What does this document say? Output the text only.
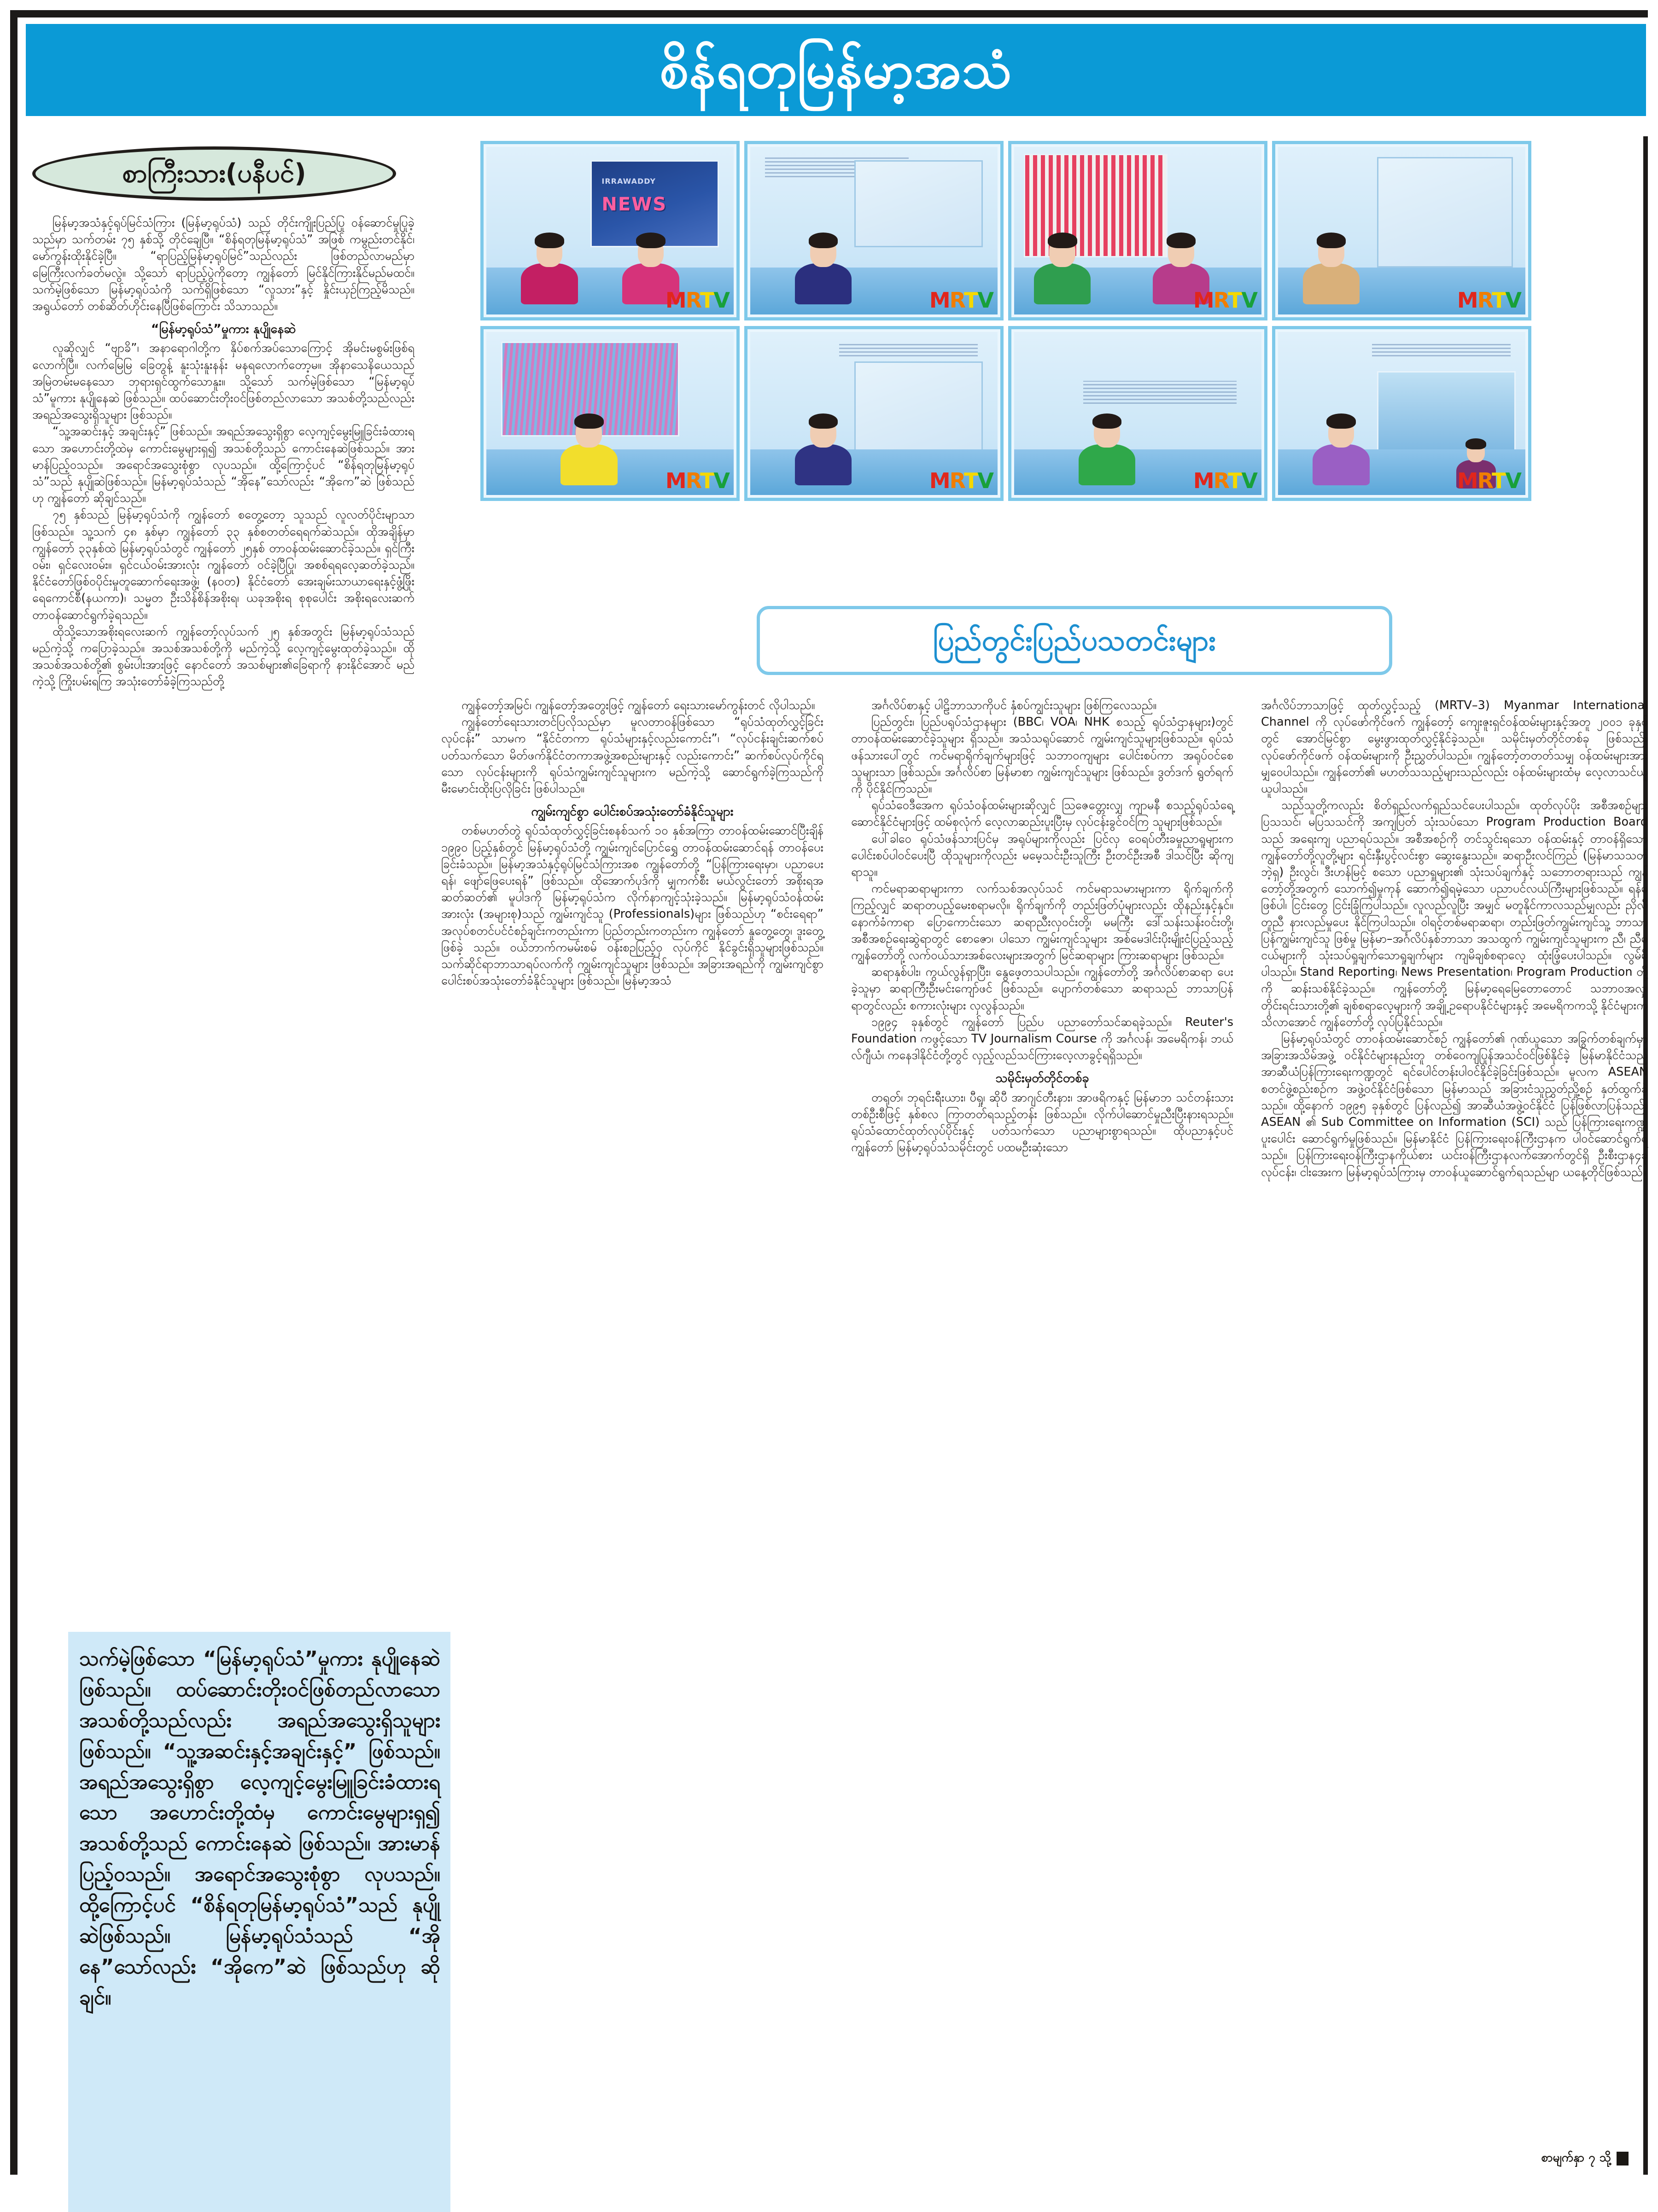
စိန်ရတုမြန်မာ့အသံ
စာကြီးသား(ပနီပင်)	IRRAWADDY
NEWS
MRTV	MRTV	MRTV	MRTV
MRTV	MRTV	MRTV	MRTV
ပြည်တွင်းပြည်ပသတင်းများ

မြန်မာ့အသံနှင့်ရုပ်မြင်သံကြား (မြန်မာ့ရုပ်သံ) သည် တိုင်းကျိုးပြည်ပြု ဝန်ဆောင်မှုပြုခဲ့သည်မှာ သက်တမ်း ၇၅ နှစ်သို့ တိုင်ချေပြီ။ “စိန်ရတုမြန်မာ့ရုပ်သံ” အဖြစ် ကမွည်းတင်နိုင်၊ မော်ကွန်းထိုးနိုင်ခဲ့ပြီ။ “ရာပြည့်မြန်မာ့ရုပ်မြင်”သည်လည်း ဖြစ်တည်လာမည်မှာ မြေကြီးလက်ခတ်မလွဲ။ သို့သော် ရာပြည့်ပွဲကိုတော့ ကျွန်တော် မြင်နိုင်ကြားနိုင်မည်မထင်။ သက်မဲ့ဖြစ်သော မြန်မာ့ရုပ်သံကို သက်ရှိဖြစ်သော “လူသား”နှင့် နှိုင်းယှဉ်ကြည့်မိသည်။ အရွယ်တော် တစ်ဆိတ်ဟိုင်းနေပြီဖြစ်ကြောင်း သိသာသည်။

“မြန်မာ့ရုပ်သံ”မှုကား နုပျိုနေဆဲ

လူဆိုလျှင် “ဗျာခိ”၊ အနာရောဂါတို့က နှိပ်စက်အပ်သောကြောင့် အိုမင်းမစွမ်းဖြစ်ရလောက်ပြီ။ လက်မြေမြ ခြေတွန့် နူးသုံးနူးနန်း မနရလောက်တော့မ။ အိုနာသေနိယေသည် အမြဲတမ်းမနေသော ဘုရားရှင်ထွက်သောနူး။ သို့သော် သက်မဲ့ဖြစ်သော “မြန်မာ့ရုပ်သံ”မူကား နုပျိုနေဆဲ ဖြစ်သည်။ ထပ်ဆောင်းတိုးဝင်ဖြစ်တည်လာသော အသစ်တို့သည်လည်း အရည်အသွေးရှိသူများ ဖြစ်သည်။

“သူ့အဆင်းနှင့် အချင်းနှင့်” ဖြစ်သည်။ အရည်အသွေးရှိစွာ လေ့ကျင့်မွေးမြူခြင်းခံထားရသော အဟောင်းတို့ထဲမှ ကောင်းမွေများရှ၍ အသစ်တို့သည် ကောင်းနေဆဲဖြစ်သည်။ အားမာန်ပြည့်ဝသည်။ အရောင်အသွေးစုံစွာ လုပသည်။ ထို့ကြောင့်ပင် “စိန်ရတုမြန်မာ့ရုပ်သံ”သည် နုပျိုဆဲဖြစ်သည်။ မြန်မာ့ရုပ်သံသည် “အိုနေ”သော်လည်း “အိုကေ”ဆဲ ဖြစ်သည်ဟု ကျွန်တော် ဆိုချင်သည်။

၇၅ နှစ်သည် မြန်မာ့ရုပ်သံကို ကျွန်တော် စတွေ့တော့ သူသည် လူလတ်ပိုင်းမျာသာဖြစ်သည်။ သူ့သက် ၄၈ နှစ်မှာ ကျွန်တော် ၃၃ နှစ်စတတ်ရေရက်ဆဲသည်။ ထိုအချိန်မှာ ကျွန်တော် ၃၃နှစ်ထဲ မြန်မာ့ရုပ်သံတွင် ကျွန်တော် ၂၅နှစ် တာဝန်ထမ်းဆောင်ခဲ့သည်။ ရှင်ကြီးဝမ်း၊ ရှင်လေးဝမ်း။ ရှင်ငယ်ဝမ်းအားလုံး ကျွန်တော် ဝင်ခဲ့ပြီပြု၊ အစစ်ရရလေ့ဆတ်ခဲ့သည်။ နိုင်ငံတော်ဖြစ်ဝပိုင်းမှုတူဆောက်ရေးအဖွဲ့၊ (န၀တ) နိုင်ငံတော် အေးချမ်းသာယာရေးနှင့်ဖွံ့ဖြိုးရေကောင်စီ(နယကာ)၊ သမ္မတ ဦးသိန်စိန်အစိုးရ၊ ယခုအစိုးရ စုစုပေါင်း အစိုးရလေးဆက် တာဝန်ဆောင်ရွက်ခဲ့ရသည်။

ထိုသို့သောအစိုးရလေးဆက် ကျွန်တော့်လုပ်သက် ၂၅ နှစ်အတွင်း မြန်မာ့ရုပ်သံသည် မည်ကဲ့သို့ ကပြောခဲ့သည်။ အသစ်အသစ်တို့ကို မည်ကဲ့သို့ လေ့ကျင့်မွေးထုတ်ခဲ့သည်။ ထိုအသစ်အသစ်တို့၏ စွမ်းပါးအားဖြင့် နောင်တော် အသစ်များ၏ခြေရာကို နားနိုင်အောင် မည်ကဲ့သို့ ကြိုးပမ်းရကြ အသုံးတော်ခံခဲ့ကြသည်တို့

ကျွန်တော့်အမြင်၊ ကျွန်တော့်အတွေးဖြင့် ကျွန်တော် ရေးသားမော်ကွန်းတင် လိုပါသည်။

ကျွန်တော်ရေးသားတင်ပြလိုသည်မှာ မူလတာဝန်ဖြစ်သော “ရုပ်သံထုတ်လွှင့်ခြင်းလုပ်ငန်း” သာမက “နိုင်ငံတကာ ရုပ်သံများနှင့်လည်းကောင်း”၊ “လုပ်ငန်းချင်းဆက်စပ် ပတ်သက်သော မိတ်ဖက်နိုင်ငံတကာအဖွဲ့အစည်းများနှင့် လည်းကောင်း” ဆက်စပ်လုပ်ကိုင်ရသော လုပ်ငန်းများကို ရုပ်သံကျွမ်းကျင်သူများက မည်ကဲ့သို့ ဆောင်ရွက်ခဲ့ကြသည်ကို မီးမောင်းထိုးပြလိုခြင်း ဖြစ်ပါသည်။

ကျွမ်းကျင်စွာ ပေါင်းစပ်အသုံးတော်ခံနိုင်သူများ

တစ်မဟတ်တွဲ ရုပ်သံထုတ်လွှင့်ခြင်းစနစ်သက် ၁၀ နှစ်အကြာ တာဝန်ထမ်းဆောင်ပြီးချိန် ၁၉၉၀ ပြည့်နှစ်တွင် မြန်မာ့ရုပ်သံတို့ ကျွမ်းကျင်ပြောင်ရွှေ တာဝန်ထမ်းဆောင်ရန် တာဝန်ပေးခြင်းခံသည်။ မြန်မာ့အသံနှင့်ရုပ်မြင်သံကြားအစ ကျွန်တော်တို့ “ပြန်ကြားရေးမှာ၊ ပညာပေးရန်၊ ဖျော်ဖြေပေးရန်” ဖြစ်သည်။ ထိုအောက်ပုဒ်ကို မျှကက်စီး မယ်လွင်းတော် အစိုးရအဆတ်ဆတ်၏ မူပါဒကို မြန်မာ့ရုပ်သံက လိုက်နာကျင့်သုံးခဲ့သည်။ မြန်မာ့ရုပ်သံဝန်ထမ်းအားလုံး (အများစု)သည် ကျွမ်းကျင်သူ (Professionals)များ ဖြစ်သည်ဟု “စင်းရေရာ” အလုပ်စတင်ပင်ငံစဉ်ချင်းကတည်းကာ ပြည်တည်းကတည်းက ကျွန်တော် နှုတွေ့တွေ၊ ဒူးတွေ့ဖြစ်ခဲ့ သည်။ ဝယ်ဘာက်ကမမ်းစမ် ဝန်းစဉပြည့်ဝှ လုပ်ကိုင် နိုင်ခွင်းရှိသူများဖြစ်သည်။ သက်ဆိုင်ရာဘာသာရပ်လက်ကို ကျွမ်းကျင်သူများ ဖြစ်သည်။ အခြားအရည်ကို ကျွမ်းကျင်စွာပေါင်းစပ်အသုံးတော်ခံနိုင်သူများ ဖြစ်သည်။ မြန်မာ့အသံ

အင်္ဂလိပ်စာနှင့် ပါဠိဘာသာကိုပင် နှံစပ်ကျွင်းသူများ ဖြစ်ကြလေသည်။

ပြည်တွင်း၊ ပြည်ပရုပ်သံဌာနများ (BBC၊ VOA၊ NHK စသည့် ရုပ်သံဌာနများ)တွင် တာဝန်ထမ်းဆောင်ခဲ့သူများ ရှိသည်။ အသံသရုပ်ဆောင် ကျွမ်းကျင်သူများဖြစ်သည်။ ရုပ်သံဖန်သားပေါ်တွင် ကင်မရာရိုက်ချက်များဖြင့် သဘာဝကျများ ပေါင်းစပ်ကာ အရုပ်ဝင်စေသူများသာ ဖြစ်သည်။ အင်္ဂလိပ်စာ မြန်မာစာ ကျွမ်းကျင်သူများ ဖြစ်သည်။ ဒွတ်ဒက် ရွတ်ရက်ကို ပိုင်နိုင်ကြသည်။

ရုပ်သံဝေဒီအေက ရုပ်သံဝန်ထမ်းများဆိုလျှင် သြဇေတ္တေးလျှ ကျာမနီ စသည့်ရုပ်သံရေ့ဆောင်နိုင်ငံများဖြင့် ထမ်စုလုံက် လေ့လာဆည်းပူးပြီးမှ လုပ်ငန်းခွင်ဝင်ကြ သူများဖြစ်သည်။

ပေါ်ခါဝေ ရုပ်သံဖန်သားပြင်မှ အရုပ်များကိုလည်း ပြင်လှ ဝေရပ်တီးခမှုညာရူများက ပေါင်းစပ်ပါဝင်ပေးပြီ ထိုသူများကိုလည်း မမေ့သင်းဦးသူကြီး ဦးတင်ဦးအစီ ဒါသင်ပြီး ဆိုကျရာသူ။

ကင်မရာဆရာများကာ လက်သစ်အလုပ်သင် ကင်မရာသမားများကာ ရိုက်ချက်ကို ကြည့်လျှင် ဆရာတပည့်မေးစရာမလို။ ရိုက်ချက်ကို တည်းဖြတ်ပုံများလည်း ထိုနည်းနှင့်နှင်။ နောက်ခံကာရာ ပြောကောင်းသော ဆရာညီးလှဝင်းတို့၊ မမကြီး ဒေါ်သန်းသန်းဝင်းတို့၊ အစီအစဉ်ရေးဆွဲရာတွင် စောဇော၊ ပါသော ကျွမ်းကျင်သူများ အစ်မေဒါင်းပိုးမျိုးငံပြည့်သည့် ကျွန်တော်တို့ လက်ဝယ်သားအစ်လေးများအတွက် မြင်ဆရာများ ကြားဆရာများ ဖြစ်သည်။

ဆရာနှစ်ပါး၊ ကွယ်လွန်ရှာပြီး၊ နွေဖေ့တသပါသည်။ ကျွန်တော်တို့ အင်္ဂလိပ်စာဆရာ ပေးခဲ့သူမှာ ဆရာကြီးဦးမင်းကျော်ဖင် ဖြစ်သည်။ ပျောက်တစ်သော ဆရာသည် ဘာသာပြန်ရာတွင်လည်း စကားလုံးများ လှလွန်သည်။

၁၉၉၄ ခုနှစ်တွင် ကျွန်တော် ပြည်ပ ပညာတော်သင်ဆရခဲ့သည်။ Reuter's Foundation ကဖွင့်သော TV Journalism Course ကို အင်္ဂလန်၊ အမေရိကန်၊ ဘယ်လ်ဂျီယံ၊ ကနေဒါနိုင်ငံတို့တွင် လှည့်လည်သင်ကြားလေ့လာခွင့်ရရှိသည်။

သမိုင်းမှတ်တိုင်တစ်ခု

တရုတ်၊ ဘုရင်းရီးယား၊ ပီရှု၊ ဆိုပီ အာဂျင်တီးနား၊ အာဖရိကနှင့် မြန်မာဘ သင်တန်းသားတစ်ဦးစီဖြင့် နှစ်စလ ကြာတတ်ရသည့်တန်း ဖြစ်သည်။ လိုက်ပါဆောင်မှုညီးပြီးနားရသည်။ ရုပ်သံထောင်ထုတ်လုပ်ပိုင်းနှင့် ပတ်သက်သော ပညာများစွာရသည်။ ထိုပညာနှင့်ပင် ကျွန်တော် မြန်မာ့ရုပ်သံသမိုင်းတွင် ပထမဦးဆုံးသော

အင်္ဂလိပ်ဘာသာဖြင့် ထုတ်လွှင့်သည့် (MRTV–3) Myanmar International Channel ကို လုပ်ဖော်ကိုင်ဖက် ကျွန်တော့် ကျေးဇူးရှင်ဝန်ထမ်းများနှင့်အတူ ၂၀၀၁ ခုနှစ်တွင် အောင်မြင်စွာ မွေးဖွားထုတ်လွှင့်နိုင်ခဲ့သည်။ သမိုင်းမှတ်တိုင်တစ်ခု ဖြစ်သည်။ လုပ်ဖော်ကိုင်ဖက် ဝန်ထမ်းများကို ဦးညွှတ်ပါသည်။ ကျွန်တော့်တတတ်သမျှ ဝန်ထမ်းများအား မျှဝေပါသည်။ ကျွန်တော်၏ မဟတ်သသည့်များသည်လည်း ဝန်ထမ်းများထံမှ လေ့လာသင်ယူယူပါသည်။

သည်သူတို့ကလည်း စိတ်ရှည်လက်ရှည်သင်ပေးပါသည်။ ထုတ်လုပ်ပိုး အစီအစဉ်များပြသသင်၊ မပြသသင်ကို အကျပြတ် သုံးသပ်သော Program Production Board သည် အရေးကျ ပညာရပ်သည်။ အစီအစဉ်ကို တင်သွင်းရသော ဝန်ထမ်းနှင့် တာဝန်ရှိသော ကျွန်တော်တို့လူတို့များ ရင်းနှီးပွင့်လင်းစွာ ဆွေးနွေးသည်။ ဆရာဦးလင်ကြည် (မြန်မာသသတ်ဘဲ့ရှ) ဦးလွင်၊ ဒီးဟန်မြင့် စသော ပညာရှူများ၏ သုံးသပ်ချက်နှင့် သဘောတရားသည် ကျွန်တော့်တို့အတွက် သောက်၍မှုကုန် ဆောက်၍ရမဲ့သော ပညာပင်လယ်ကြီးများဖြစ်သည်။ ရန်မဖြစ်ပါ၊ ငြင်းတွေ ငြင်းခြုံကြပါသည်။ လူလည်လူပြီး အမျှင် မတူနိုင်ကာလသည်မျှလည်း ညှိလိုတူညီ နားလည်မှုပေး နိုင်ကြပါသည်။ ဝါရင့်တစ်မရာဆရာ၊ တည်းဖြတ်ကျွမ်းကျင်သူ့ ဘာသာပြန်ကျွမ်းကျင်သူ ဖြစ်မှု မြန်မာ–အင်္ဂလိပ်နှစ်ဘာသာ အသထွက် ကျွမ်းကျင်သူများက ညီ၊ ညီမငယ်များကို သုံးသပ်ရှုချက်သောရှုချက်များ ကျမိချစ်စရာလေ့ ထုံးဖြံ့ပေးပါသည်။ လွမ်မိပါသည်။ Stand Reporting၊ News Presentation၊ Program Production တို့ကို ဆန်းသစ်နိုင်ခဲ့သည်။ ကျွန်တော်တို့ မြန်မာ့ရေမြေတောတောင် သဘာဝအလှ၊ တိုင်းရင်းသားတို့၏ ချစ်စရာလေ့များကို အချို့ဥရောပနိုင်ငံများနှင့် အမေရိကကသို့ နိုင်ငံများက သိလာအောင် ကျွန်တော်တို့ လုပ်ပြနိုင်သည်။

မြန်မာ့ရုပ်သံတွင် တာဝန်ထမ်းဆောင်စဉ် ကျွန်တော်၏ ဂုဏ်ယူသော အခြွက်တစ်ချက်မှာ အခြားအသိမ်အဖွဲ့ ဝင်နိုင်ငံများနည်းတူ တစ်ဝေကျပြုန်အသင်ဝင်ဖြစ်နိုင်ခဲ့ မြန်မာနိုင်ငံသည် အာဆီယံပြန်ကြားရေးကဏ္ဍတွင် ရင်ပေါင်တန်းပါဝင်နိုင်ခဲ့ခြင်းဖြစ်သည်။ မူလက ASEAN စတင်ဖွဲ့စည်းစဉ်က အဖွဲ့ဝင်နိုင်ငံဖြစ်သော မြန်မာသည် အခြားငံသူညွှတ်ညှို့စဉ် နှတ်ထွက်ခဲ့သည်။ ထို့နောက် ၁၉၉၅ ခုနှစ်တွင် ပြန်လည်၍ အာဆီယံအဖွဲ့ဝင်နိုင်ငံ ပြန်ဖြစ်လာပြန်သည်။ ASEAN ၏ Sub Committee on Information (SCI) သည် ပြန်ကြားရေးကဏ္ဍ ပူးပေါင်း ဆောင်ရွက်မှုဖြစ်သည်။ မြန်မာနိုင်ငံ ပြန်ကြားရေးဝန်ကြီးဌာနက ပါဝင်ဆောင်ရွက်ရသည်။ ပြန်ကြားရေးဝန်ကြီးဌာနကိုယ်စား ယင်းဝန်ကြီးဌာနလက်အောက်တွင်ရှိ ဦးစီးဌာန၄ခု လုပ်ငန်း၊ ငါးအေးက မြန်မာ့ရုပ်သံကြားမှ တာဝန်ယူဆောင်ရွက်ရသည်မျာ ယနေ့တိုင်ဖြစ်သည်။

သက်မဲ့ဖြစ်သော “မြန်မာ့ရုပ်သံ”မှုကား နုပျိုနေဆဲ ဖြစ်သည်။ ထပ်ဆောင်းတိုးဝင်ဖြစ်တည်လာသော အသစ်တို့သည်လည်း အရည်အသွေးရှိသူများ ဖြစ်သည်။ “သူ့အဆင်းနှင့်အချင်းနှင့်” ဖြစ်သည်။ အရည်အသွေးရှိစွာ လေ့ကျင့်မွေးမြူခြင်းခံထားရသော အဟောင်းတို့ထံမှ ကောင်းမွေများရှ၍ အသစ်တို့သည် ကောင်းနေဆဲ ဖြစ်သည်။ အားမာန်ပြည့်ဝသည်။ အရောင်အသွေးစုံစွာ လုပသည်။ ထို့ကြောင့်ပင် “စိန်ရတုမြန်မာ့ရုပ်သံ”သည် နုပျိုဆဲဖြစ်သည်။ မြန်မာ့ရုပ်သံသည် “အိုနေ”သော်လည်း “အိုကေ”ဆဲ ဖြစ်သည်ဟု ဆိုချင်။

စာမျက်နှာ ၇ သို့
